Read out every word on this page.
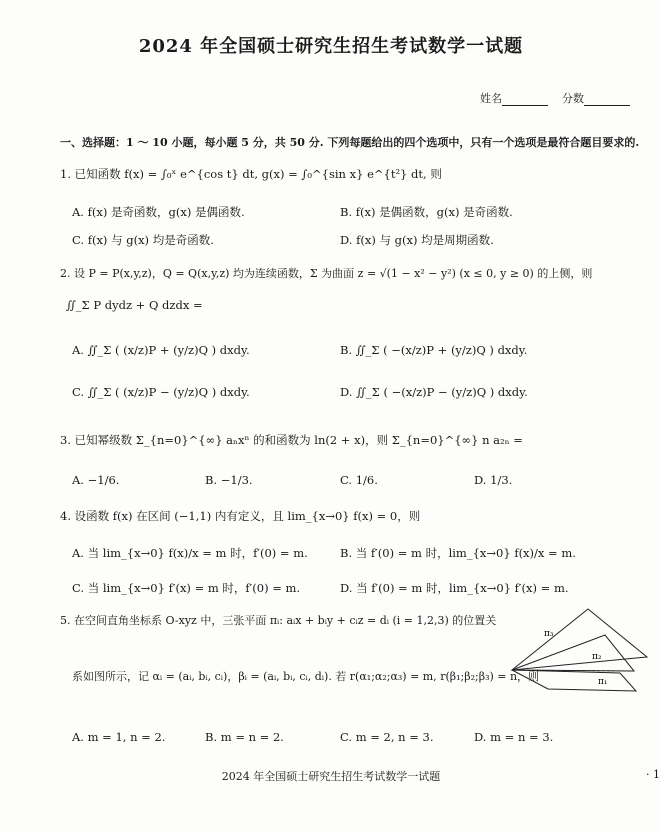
2024 年全国硕士研究生招生考试数学一试题
姓名	分数
一、选择题：1 ～ 10 小题，每小题 5 分，共 50 分. 下列每题给出的四个选项中，只有一个选项是最符合题目要求的.
1. 已知函数 f(x) = ∫₀ˣ e^{cos t} dt, g(x) = ∫₀^{sin x} e^{t²} dt, 则
A. f(x) 是奇函数，g(x) 是偶函数.	B. f(x) 是偶函数，g(x) 是奇函数.
C. f(x) 与 g(x) 均是奇函数.	D. f(x) 与 g(x) 均是周期函数.
2. 设 P = P(x,y,z)，Q = Q(x,y,z) 均为连续函数，Σ 为曲面 z = √(1 − x² − y²) (x ≤ 0, y ≥ 0) 的上侧，则
∬_Σ P dydz + Q dzdx =
A. ∬_Σ ( (x/z)P + (y/z)Q ) dxdy.	B. ∬_Σ ( −(x/z)P + (y/z)Q ) dxdy.
C. ∬_Σ ( (x/z)P − (y/z)Q ) dxdy.	D. ∬_Σ ( −(x/z)P − (y/z)Q ) dxdy.
3. 已知幂级数 Σ_{n=0}^{∞} aₙxⁿ 的和函数为 ln(2 + x)，则 Σ_{n=0}^{∞} n a₂ₙ =
A. −1/6.	B. −1/3.	C. 1/6.	D. 1/3.
4. 设函数 f(x) 在区间 (−1,1) 内有定义，且 lim_{x→0} f(x) = 0，则
A. 当 lim_{x→0} f(x)/x = m 时，f′(0) = m.	B. 当 f′(0) = m 时，lim_{x→0} f(x)/x = m.
C. 当 lim_{x→0} f′(x) = m 时，f′(0) = m.	D. 当 f′(0) = m 时，lim_{x→0} f′(x) = m.
5. 在空间直角坐标系 O-xyz 中，三张平面 πᵢ: aᵢx + bᵢy + cᵢz = dᵢ (i = 1,2,3) 的位置关
系如图所示，记 αᵢ = (aᵢ, bᵢ, cᵢ)，βᵢ = (aᵢ, bᵢ, cᵢ, dᵢ). 若 r(α₁;α₂;α₃) = m, r(β₁;β₂;β₃) = n，则
A. m = 1, n = 2.	B. m = n = 2.	C. m = 2, n = 3.	D. m = n = 3.
π₃
π₂
π₁
2024 年全国硕士研究生招生考试数学一试题	· 1
